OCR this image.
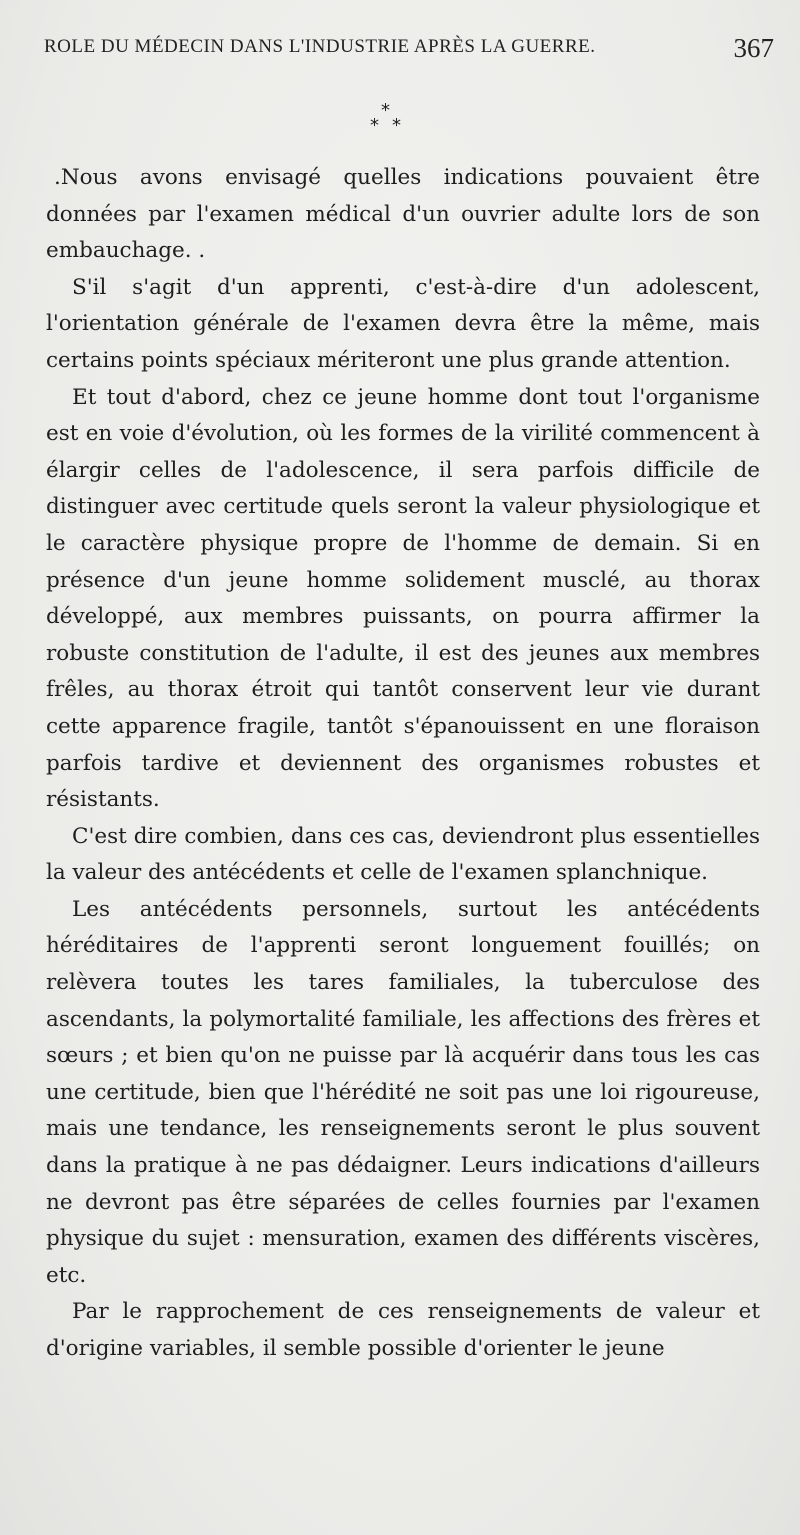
ROLE DU MÉDECIN DANS L'INDUSTRIE APRÈS LA GUERRE.	367
*
* *

.Nous avons envisagé quelles indications pouvaient être données par l'examen médical d'un ouvrier adulte lors de son embauchage. .

S'il s'agit d'un apprenti, c'est-à-dire d'un adolescent, l'orientation générale de l'examen devra être la même, mais certains points spéciaux mériteront une plus grande attention.

Et tout d'abord, chez ce jeune homme dont tout l'organisme est en voie d'évolution, où les formes de la virilité commencent à élargir celles de l'adolescence, il sera parfois difficile de distinguer avec certitude quels seront la valeur physiologique et le caractère physique propre de l'homme de demain. Si en présence d'un jeune homme solidement musclé, au thorax développé, aux membres puissants, on pourra affirmer la robuste constitution de l'adulte, il est des jeunes aux membres frêles, au thorax étroit qui tantôt conservent leur vie durant cette apparence fragile, tantôt s'épanouissent en une floraison parfois tardive et deviennent des organismes robustes et résistants.

C'est dire combien, dans ces cas, deviendront plus essentielles la valeur des antécédents et celle de l'examen splanchnique.

Les antécédents personnels, surtout les antécédents héréditaires de l'apprenti seront longuement fouillés; on relèvera toutes les tares familiales, la tuberculose des ascendants, la polymortalité familiale, les affections des frères et sœurs ; et bien qu'on ne puisse par là acquérir dans tous les cas une certitude, bien que l'hérédité ne soit pas une loi rigoureuse, mais une tendance, les renseignements seront le plus souvent dans la pratique à ne pas dédaigner. Leurs indications d'ailleurs ne devront pas être séparées de celles fournies par l'examen physique du sujet : mensuration, examen des différents viscères, etc.

Par le rapprochement de ces renseignements de valeur et d'origine variables, il semble possible d'orienter le jeune
